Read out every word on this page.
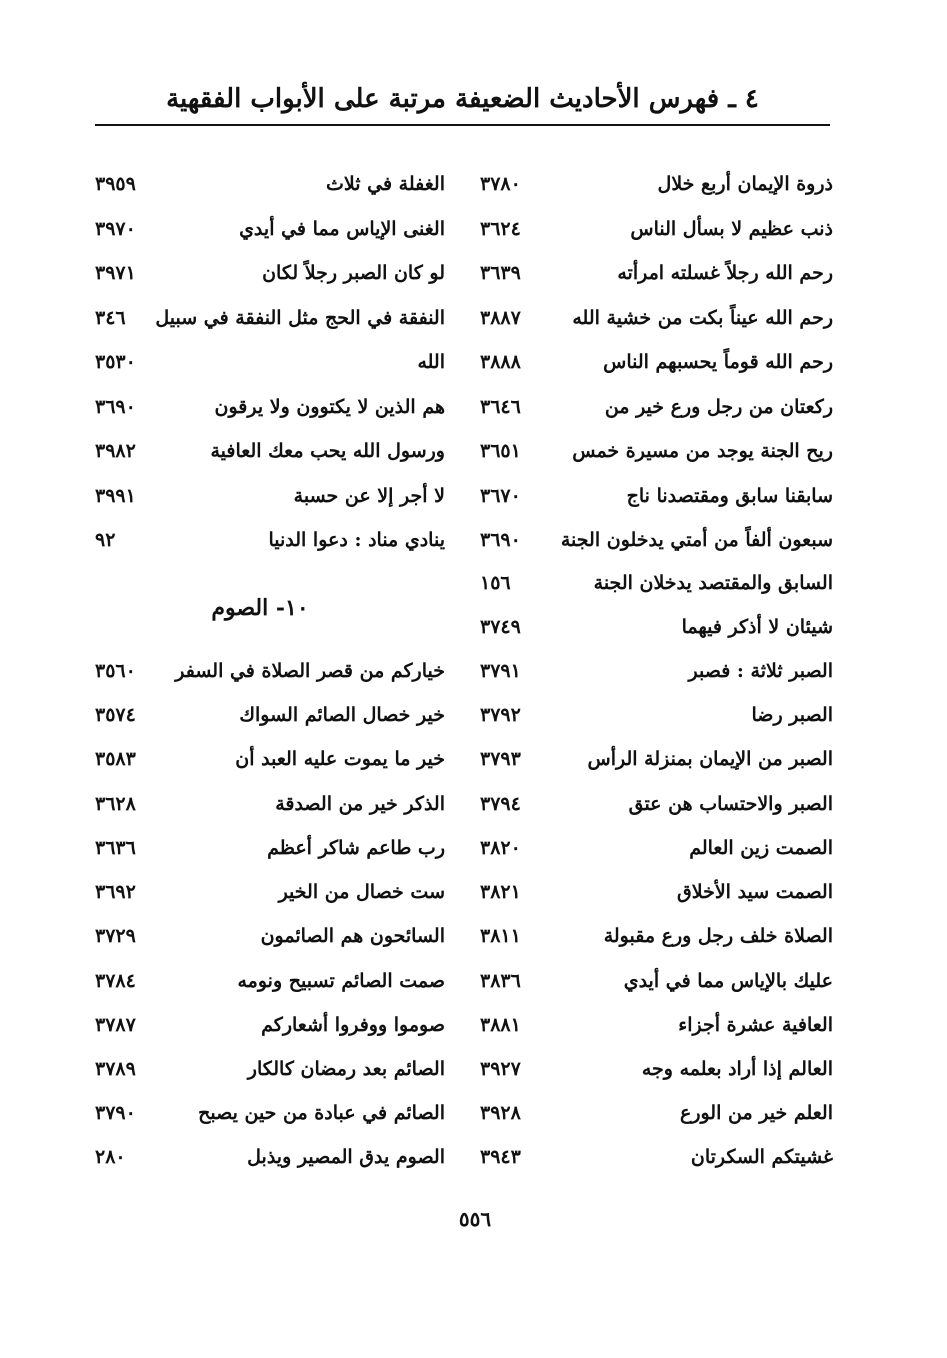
٤ ـ فهرس الأحاديث الضعيفة مرتبة على الأبواب الفقهية
ذروة الإيمان أربع خلال
٣٧٨٠
ذنب عظيم لا بسأل الناس
٣٦٢٤
رحم الله رجلاً غسلته امرأته
٣٦٣٩
رحم الله عيناً بكت من خشية الله
٣٨٨٧
رحم الله قوماً يحسبهم الناس
٣٨٨٨
ركعتان من رجل ورع خير من
٣٦٤٦
ريح الجنة يوجد من مسيرة خمس
٣٦٥١
سابقنا سابق ومقتصدنا ناج
٣٦٧٠
سبعون ألفاً من أمتي يدخلون الجنة
٣٦٩٠
السابق والمقتصد يدخلان الجنة
١٥٦
شيئان لا أذكر فيهما
٣٧٤٩
الصبر ثلاثة : فصبر
٣٧٩١
الصبر رضا
٣٧٩٢
الصبر من الإيمان بمنزلة الرأس
٣٧٩٣
الصبر والاحتساب هن عتق
٣٧٩٤
الصمت زين العالم
٣٨٢٠
الصمت سيد الأخلاق
٣٨٢١
الصلاة خلف رجل ورع مقبولة
٣٨١١
عليك بالإياس مما في أيدي
٣٨٣٦
العافية عشرة أجزاء
٣٨٨١
العالم إذا أراد بعلمه وجه
٣٩٢٧
العلم خير من الورع
٣٩٢٨
غشيتكم السكرتان
٣٩٤٣
الغفلة في ثلاث
٣٩٥٩
الغنى الإياس مما في أيدي
٣٩٧٠
لو كان الصبر رجلاً لكان
٣٩٧١
النفقة في الحج مثل النفقة في سبيل
٣٤٦
الله
٣٥٣٠
هم الذين لا يكتوون ولا يرقون
٣٦٩٠
ورسول الله يحب معك العافية
٣٩٨٢
لا أجر إلا عن حسبة
٣٩٩١
ينادي مناد : دعوا الدنيا
٩٢
١٠- الصوم
خياركم من قصر الصلاة في السفر
٣٥٦٠
خير خصال الصائم السواك
٣٥٧٤
خير ما يموت عليه العبد أن
٣٥٨٣
الذكر خير من الصدقة
٣٦٢٨
رب طاعم شاكر أعظم
٣٦٣٦
ست خصال من الخير
٣٦٩٢
السائحون هم الصائمون
٣٧٢٩
صمت الصائم تسبيح ونومه
٣٧٨٤
صوموا ووفروا أشعاركم
٣٧٨٧
الصائم بعد رمضان كالكار
٣٧٨٩
الصائم في عبادة من حين يصبح
٣٧٩٠
الصوم يدق المصير ويذبل
٢٨٠
٥٥٦
